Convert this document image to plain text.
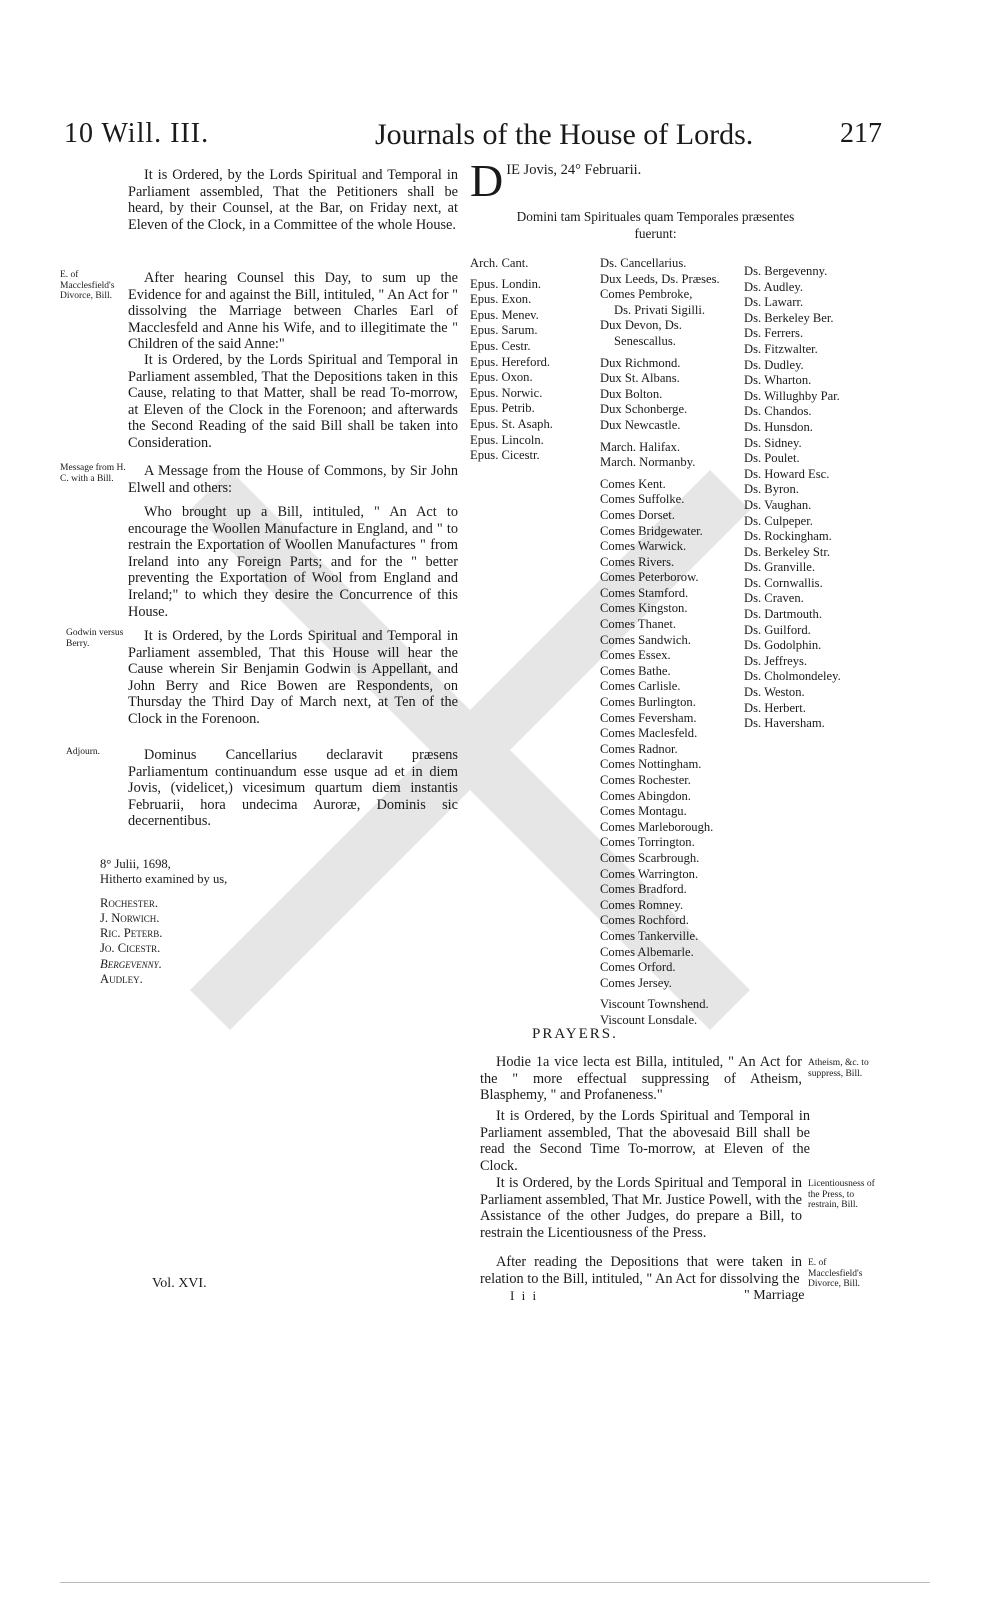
10 Will. III.	Journals of the House of Lords.	217

It is Ordered, by the Lords Spiritual and Temporal in Parliament assembled, That the Petitioners shall be heard, by their Counsel, at the Bar, on Friday next, at Eleven of the Clock, in a Committee of the whole House.

E. of Macclesfield's Divorce, Bill.

After hearing Counsel this Day, to sum up the Evidence for and against the Bill, intituled, " An Act for " dissolving the Marriage between Charles Earl of Macclesfeld and Anne his Wife, and to illegitimate the " Children of the said Anne:"

It is Ordered, by the Lords Spiritual and Temporal in Parliament assembled, That the Depositions taken in this Cause, relating to that Matter, shall be read To-morrow, at Eleven of the Clock in the Forenoon; and afterwards the Second Reading of the said Bill shall be taken into Consideration.

Message from H. C. with a Bill.	A Message from the House of Commons, by Sir John Elwell and others:

Who brought up a Bill, intituled, " An Act to encourage the Woollen Manufacture in England, and " to restrain the Exportation of Woollen Manufactures " from Ireland into any Foreign Parts; and for the " better preventing the Exportation of Wool from England and Ireland;" to which they desire the Concurrence of this House.

Godwin versus Berry.	It is Ordered, by the Lords Spiritual and Temporal in Parliament assembled, That this House will hear the Cause wherein Sir Benjamin Godwin is Appellant, and John Berry and Rice Bowen are Respondents, on Thursday the Third Day of March next, at Ten of the Clock in the Forenoon.

Adjourn.	Dominus Cancellarius declaravit præsens Parliamentum continuandum esse usque ad et in diem Jovis, (videlicet,) vicesimum quartum diem instantis Februarii, hora undecima Auroræ, Dominis sic decernentibus.

8° Julii, 1698,
Hitherto examined by us,
Rochester.
J. Norwich.
Ric. Peterb.
Jo. Cicestr.
Bergevenny.
Audley.
Vol. XVI.
D IE Jovis, 24° Februarii.
Domini tam Spirituales quam Temporales præsentes
fuerunt:
Arch. Cant.
Epus. Londin.
Epus. Exon.
Epus. Menev.
Epus. Sarum.
Epus. Cestr.
Epus. Hereford.
Epus. Oxon.
Epus. Norwic.
Epus. Petrib.
Epus. St. Asaph.
Epus. Lincoln.
Epus. Cicestr.
Ds. Cancellarius.
Dux Leeds, Ds. Præses.
Comes Pembroke,
Ds. Privati Sigilli.
Dux Devon, Ds.
Senescallus.
Dux Richmond.
Dux St. Albans.
Dux Bolton.
Dux Schonberge.
Dux Newcastle.
March. Halifax.
March. Normanby.
Comes Kent.
Comes Suffolke.
Comes Dorset.
Comes Bridgewater.
Comes Warwick.
Comes Rivers.
Comes Peterborow.
Comes Stamford.
Comes Kingston.
Comes Thanet.
Comes Sandwich.
Comes Essex.
Comes Bathe.
Comes Carlisle.
Comes Burlington.
Comes Feversham.
Comes Maclesfeld.
Comes Radnor.
Comes Nottingham.
Comes Rochester.
Comes Abingdon.
Comes Montagu.
Comes Marleborough.
Comes Torrington.
Comes Scarbrough.
Comes Warrington.
Comes Bradford.
Comes Romney.
Comes Rochford.
Comes Tankerville.
Comes Albemarle.
Comes Orford.
Comes Jersey.
Viscount Townshend.
Viscount Lonsdale.
Ds. Bergevenny.
Ds. Audley.
Ds. Lawarr.
Ds. Berkeley Ber.
Ds. Ferrers.
Ds. Fitzwalter.
Ds. Dudley.
Ds. Wharton.
Ds. Willughby Par.
Ds. Chandos.
Ds. Hunsdon.
Ds. Sidney.
Ds. Poulet.
Ds. Howard Esc.
Ds. Byron.
Ds. Vaughan.
Ds. Culpeper.
Ds. Rockingham.
Ds. Berkeley Str.
Ds. Granville.
Ds. Cornwallis.
Ds. Craven.
Ds. Dartmouth.
Ds. Guilford.
Ds. Godolphin.
Ds. Jeffreys.
Ds. Cholmondeley.
Ds. Weston.
Ds. Herbert.
Ds. Haversham.
PRAYERS.

Hodie 1a vice lecta est Billa, intituled, " An Act for the " more effectual suppressing of Atheism, Blasphemy, " and Profaneness."

Atheism, &c. to suppress, Bill.

It is Ordered, by the Lords Spiritual and Temporal in Parliament assembled, That the abovesaid Bill shall be read the Second Time To-morrow, at Eleven of the Clock.

It is Ordered, by the Lords Spiritual and Temporal in Parliament assembled, That Mr. Justice Powell, with the Assistance of the other Judges, do prepare a Bill, to restrain the Licentiousness of the Press.

Licentiousness of the Press, to restrain, Bill.

After reading the Depositions that were taken in relation to the Bill, intituled, " An Act for dissolving the

" Marriage
I i i
E. of Macclesfield's Divorce, Bill.
